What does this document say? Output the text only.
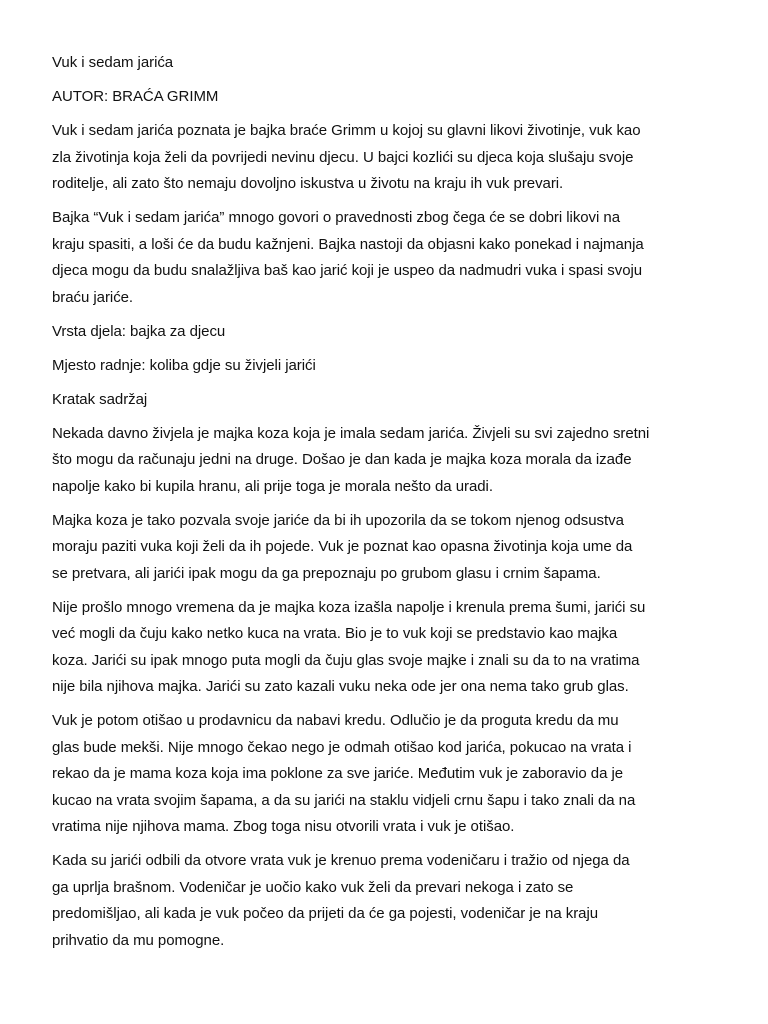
Vuk i sedam jarića

AUTOR: BRAĆA GRIMM

Vuk i sedam jarića poznata je bajka braće Grimm u kojoj su glavni likovi životinje, vuk kao
zla životinja koja želi da povrijedi nevinu djecu. U bajci kozlići su djeca koja slušaju svoje
roditelje, ali zato što nemaju dovoljno iskustva u životu na kraju ih vuk prevari.

Bajka “Vuk i sedam jarića” mnogo govori o pravednosti zbog čega će se dobri likovi na
kraju spasiti, a loši će da budu kažnjeni. Bajka nastoji da objasni kako ponekad i najmanja
djeca mogu da budu snalažljiva baš kao jarić koji je uspeo da nadmudri vuka i spasi svoju
braću jariće.

Vrsta djela: bajka za djecu

Mjesto radnje: koliba gdje su živjeli jarići

Kratak sadržaj

Nekada davno živjela je majka koza koja je imala sedam jarića. Živjeli su svi zajedno sretni
što mogu da računaju jedni na druge. Došao je dan kada je majka koza morala da izađe
napolje kako bi kupila hranu, ali prije toga je morala nešto da uradi.

Majka koza je tako pozvala svoje jariće da bi ih upozorila da se tokom njenog odsustva
moraju paziti vuka koji želi da ih pojede. Vuk je poznat kao opasna životinja koja ume da
se pretvara, ali jarići ipak mogu da ga prepoznaju po grubom glasu i crnim šapama.

Nije prošlo mnogo vremena da je majka koza izašla napolje i krenula prema šumi, jarići su
već mogli da čuju kako netko kuca na vrata. Bio je to vuk koji se predstavio kao majka
koza. Jarići su ipak mnogo puta mogli da čuju glas svoje majke i znali su da to na vratima
nije bila njihova majka. Jarići su zato kazali vuku neka ode jer ona nema tako grub glas.

Vuk je potom otišao u prodavnicu da nabavi kredu. Odlučio je da proguta kredu da mu
glas bude mekši. Nije mnogo čekao nego je odmah otišao kod jarića, pokucao na vrata i
rekao da je mama koza koja ima poklone za sve jariće. Međutim vuk je zaboravio da je
kucao na vrata svojim šapama, a da su jarići na staklu vidjeli crnu šapu i tako znali da na
vratima nije njihova mama. Zbog toga nisu otvorili vrata i vuk je otišao.

Kada su jarići odbili da otvore vrata vuk je krenuo prema vodeničaru i tražio od njega da
ga uprlja brašnom. Vodeničar je uočio kako vuk želi da prevari nekoga i zato se
predomišljao, ali kada je vuk počeo da prijeti da će ga pojesti, vodeničar je na kraju
prihvatio da mu pomogne.
